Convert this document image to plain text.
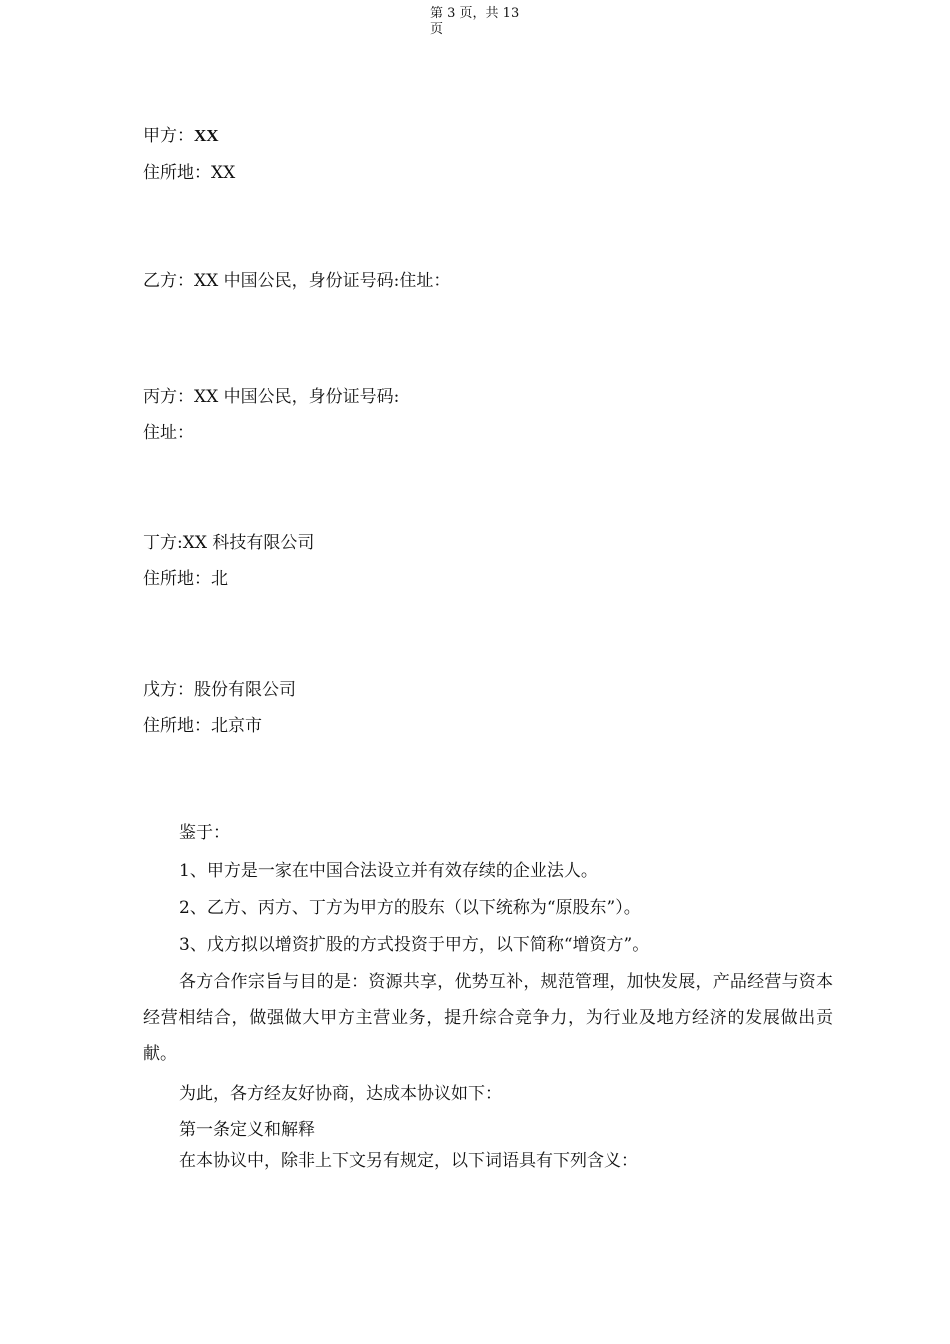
第 3 页，共 13
页
甲方：XX
住所地：XX
乙方：XX 中国公民，身份证号码:住址：
丙方：XX 中国公民，身份证号码:
住址：
丁方:XX 科技有限公司
住所地：北
戊方：股份有限公司
住所地：北京市
鉴于：
1、甲方是一家在中国合法设立并有效存续的企业法人。
2、乙方、丙方、丁方为甲方的股东（以下统称为“原股东”）。
3、戊方拟以增资扩股的方式投资于甲方，以下简称“增资方”。
各方合作宗旨与目的是：资源共享，优势互补，规范管理，加快发展，产品经营与资本经营相结合，做强做大甲方主营业务，提升综合竞争力，为行业及地方经济的发展做出贡献。
为此，各方经友好协商，达成本协议如下：
第一条定义和解释
在本协议中，除非上下文另有规定，以下词语具有下列含义：
